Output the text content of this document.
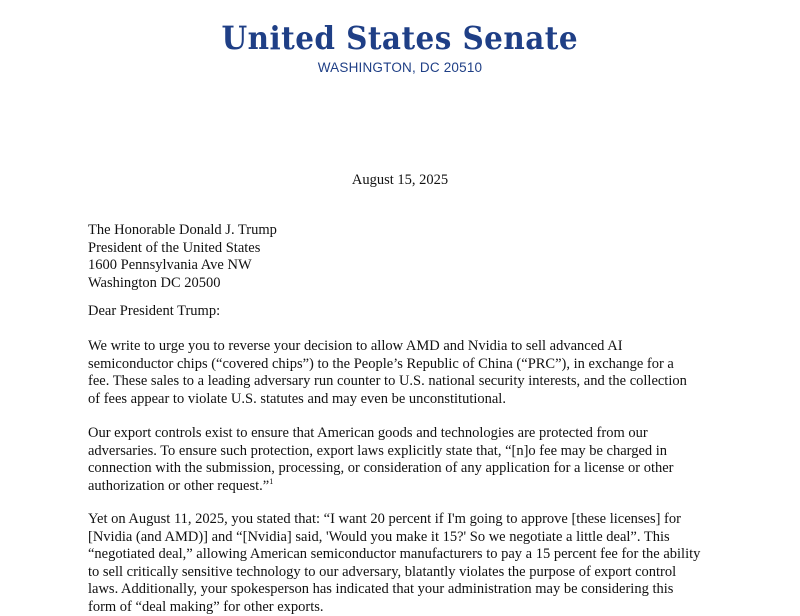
United States Senate
WASHINGTON, DC 20510
August 15, 2025
The Honorable Donald J. Trump
President of the United States
1600 Pennsylvania Ave NW
Washington DC 20500
Dear President Trump:
We write to urge you to reverse your decision to allow AMD and Nvidia to sell advanced AI
semiconductor chips (“covered chips”) to the People’s Republic of China (“PRC”), in exchange for a
fee. These sales to a leading adversary run counter to U.S. national security interests, and the collection
of fees appear to violate U.S. statutes and may even be unconstitutional.
Our export controls exist to ensure that American goods and technologies are protected from our
adversaries. To ensure such protection, export laws explicitly state that, “[n]o fee may be charged in
connection with the submission, processing, or consideration of any application for a license or other
authorization or other request.”$^1$
Yet on August 11, 2025, you stated that: “I want 20 percent if I'm going to approve [these licenses] for
[Nvidia (and AMD)] and “[Nvidia] said, 'Would you make it 15?' So we negotiate a little deal”. This
“negotiated deal,” allowing American semiconductor manufacturers to pay a 15 percent fee for the ability
to sell critically sensitive technology to our adversary, blatantly violates the purpose of export control
laws. Additionally, your spokesperson has indicated that your administration may be considering this
form of “deal making” for other exports.
